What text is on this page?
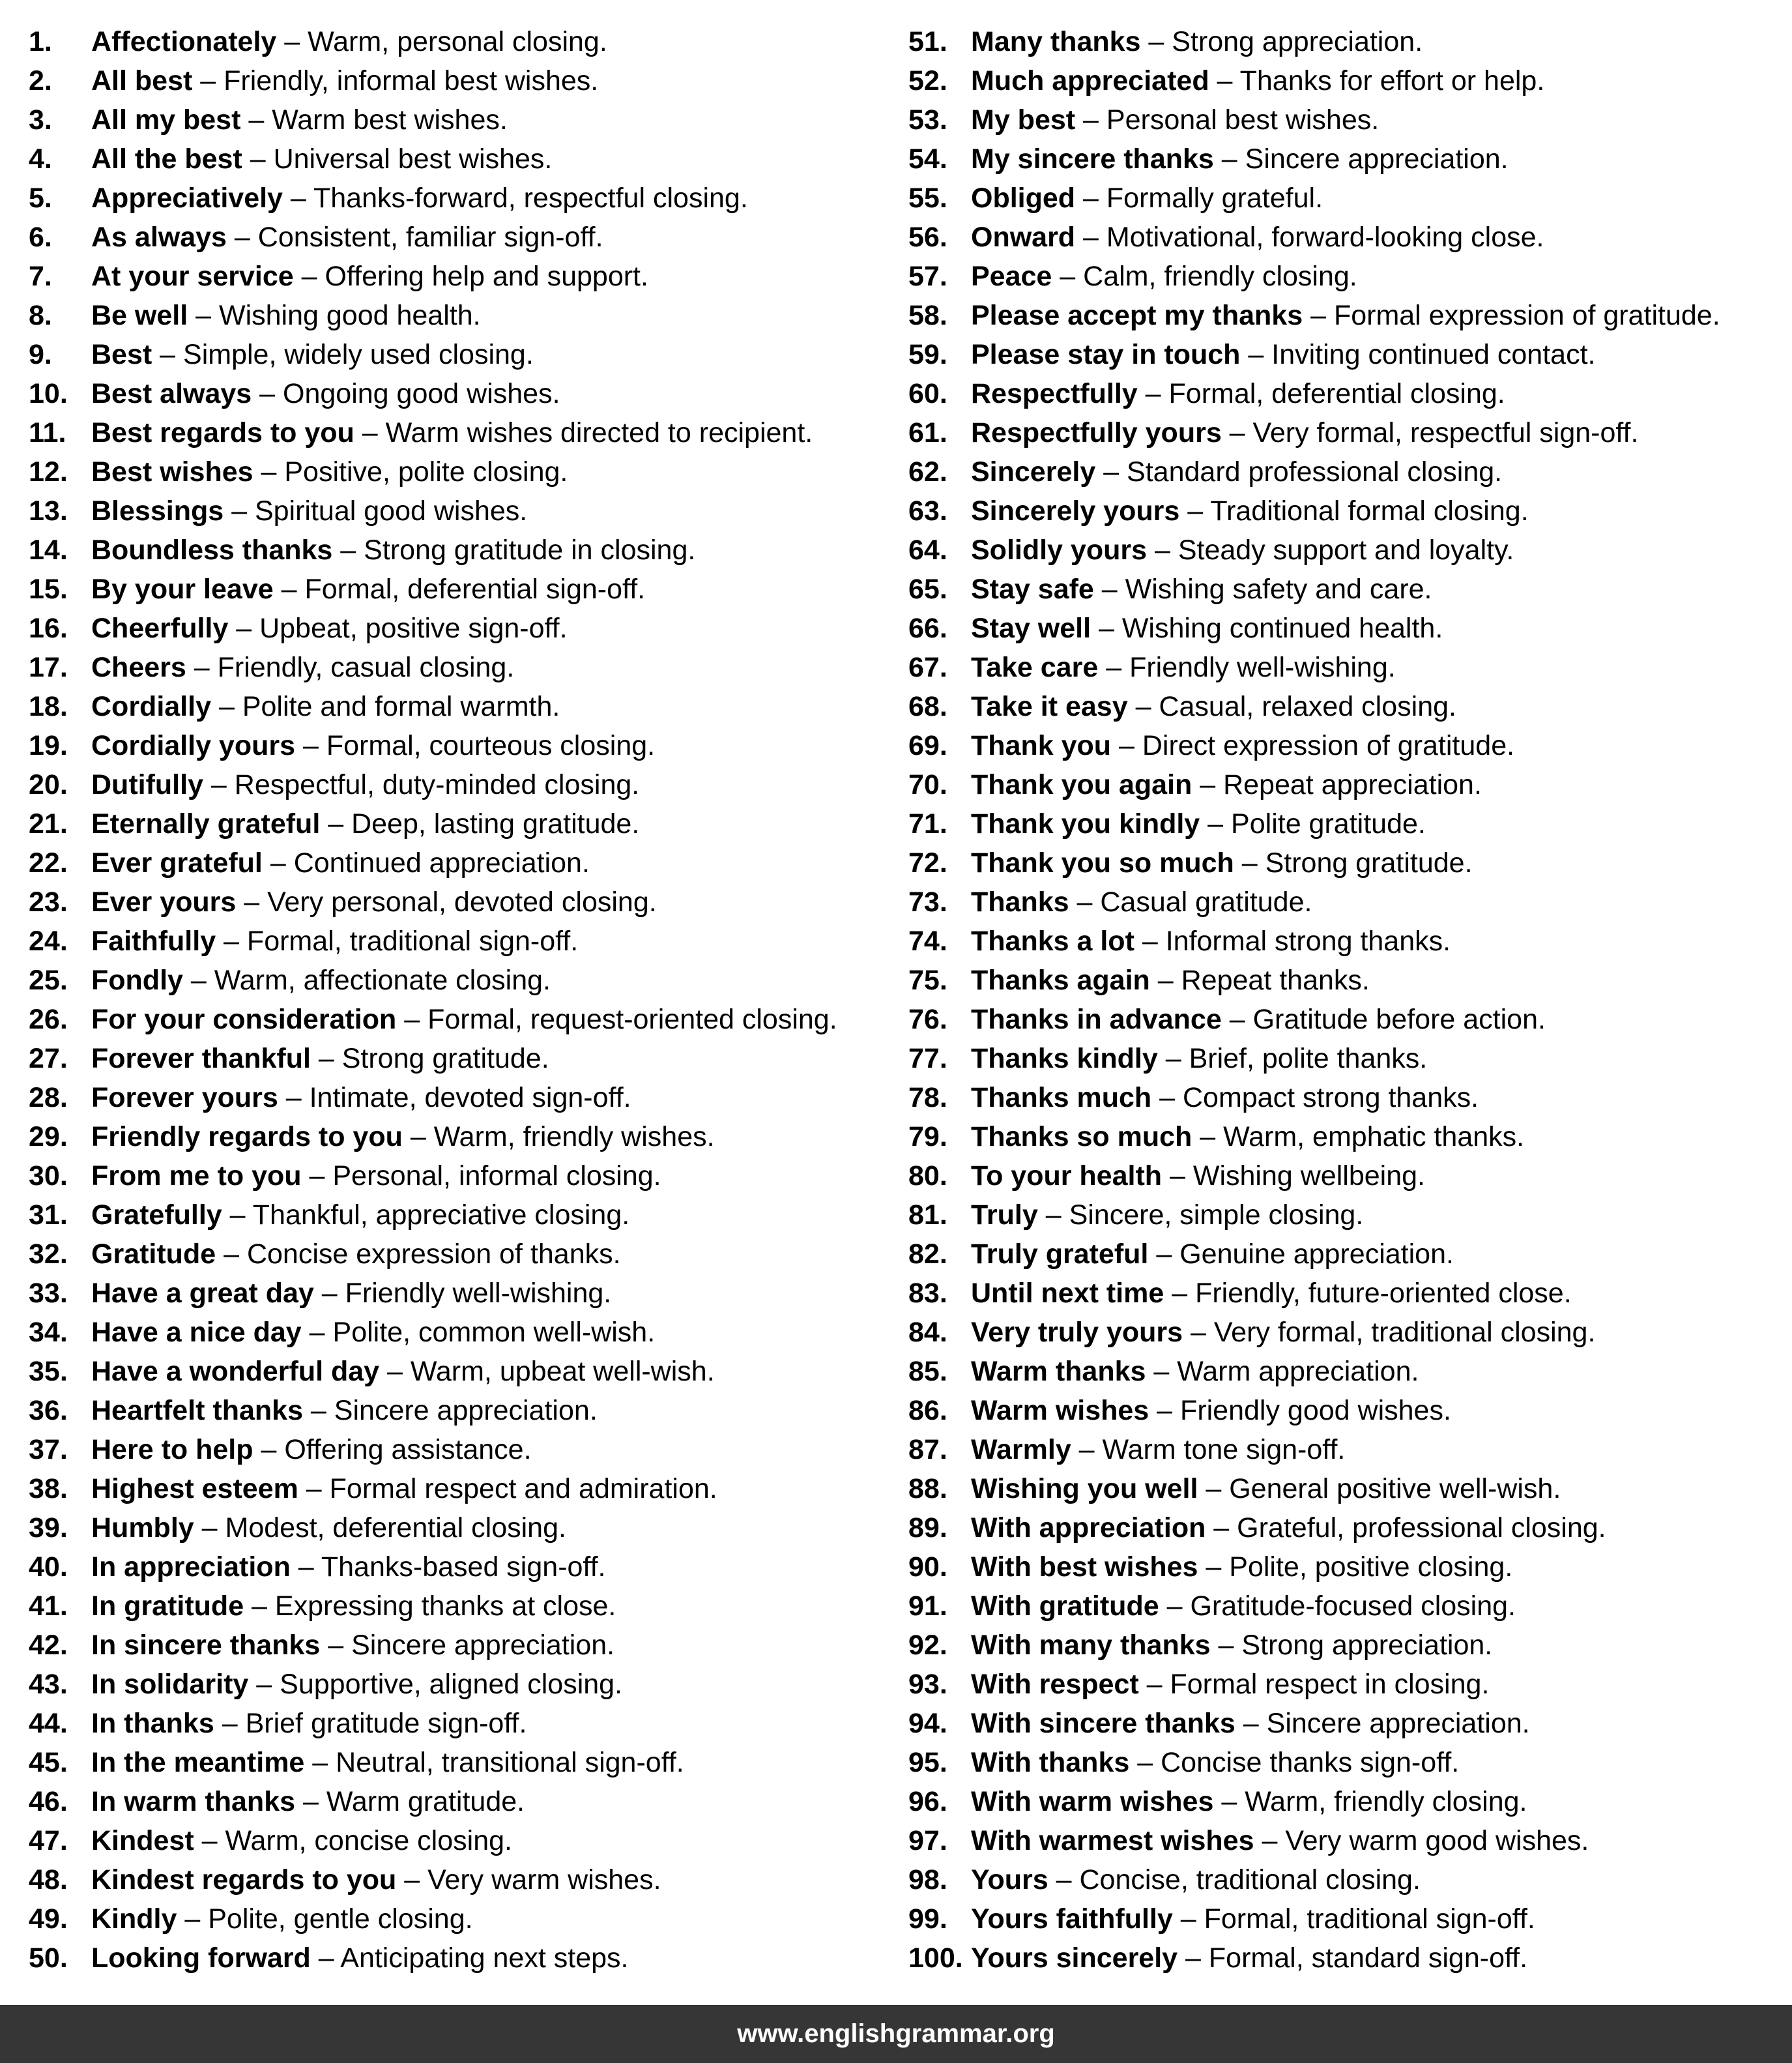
1.	Affectionately – Warm, personal closing.
2.	All best – Friendly, informal best wishes.
3.	All my best – Warm best wishes.
4.	All the best – Universal best wishes.
5.	Appreciatively – Thanks-forward, respectful closing.
6.	As always – Consistent, familiar sign-off.
7.	At your service – Offering help and support.
8.	Be well – Wishing good health.
9.	Best – Simple, widely used closing.
10. Best always – Ongoing good wishes.
11. Best regards to you – Warm wishes directed to recipient.
12. Best wishes – Positive, polite closing.
13. Blessings – Spiritual good wishes.
14. Boundless thanks – Strong gratitude in closing.
15. By your leave – Formal, deferential sign-off.
16. Cheerfully – Upbeat, positive sign-off.
17. Cheers – Friendly, casual closing.
18. Cordially – Polite and formal warmth.
19. Cordially yours – Formal, courteous closing.
20. Dutifully – Respectful, duty-minded closing.
21. Eternally grateful – Deep, lasting gratitude.
22. Ever grateful – Continued appreciation.
23. Ever yours – Very personal, devoted closing.
24. Faithfully – Formal, traditional sign-off.
25. Fondly – Warm, affectionate closing.
26. For your consideration – Formal, request-oriented closing.
27. Forever thankful – Strong gratitude.
28. Forever yours – Intimate, devoted sign-off.
29. Friendly regards to you – Warm, friendly wishes.
30. From me to you – Personal, informal closing.
31. Gratefully – Thankful, appreciative closing.
32. Gratitude – Concise expression of thanks.
33. Have a great day – Friendly well-wishing.
34. Have a nice day – Polite, common well-wish.
35. Have a wonderful day – Warm, upbeat well-wish.
36. Heartfelt thanks – Sincere appreciation.
37. Here to help – Offering assistance.
38. Highest esteem – Formal respect and admiration.
39. Humbly – Modest, deferential closing.
40. In appreciation – Thanks-based sign-off.
41. In gratitude – Expressing thanks at close.
42. In sincere thanks – Sincere appreciation.
43. In solidarity – Supportive, aligned closing.
44. In thanks – Brief gratitude sign-off.
45. In the meantime – Neutral, transitional sign-off.
46. In warm thanks – Warm gratitude.
47. Kindest – Warm, concise closing.
48. Kindest regards to you – Very warm wishes.
49. Kindly – Polite, gentle closing.
50. Looking forward – Anticipating next steps.
51. Many thanks – Strong appreciation.
52. Much appreciated – Thanks for effort or help.
53. My best – Personal best wishes.
54. My sincere thanks – Sincere appreciation.
55. Obliged – Formally grateful.
56. Onward – Motivational, forward-looking close.
57. Peace – Calm, friendly closing.
58. Please accept my thanks – Formal expression of gratitude.
59. Please stay in touch – Inviting continued contact.
60. Respectfully – Formal, deferential closing.
61. Respectfully yours – Very formal, respectful sign-off.
62. Sincerely – Standard professional closing.
63. Sincerely yours – Traditional formal closing.
64. Solidly yours – Steady support and loyalty.
65. Stay safe – Wishing safety and care.
66. Stay well – Wishing continued health.
67. Take care – Friendly well-wishing.
68. Take it easy – Casual, relaxed closing.
69. Thank you – Direct expression of gratitude.
70. Thank you again – Repeat appreciation.
71. Thank you kindly – Polite gratitude.
72. Thank you so much – Strong gratitude.
73. Thanks – Casual gratitude.
74. Thanks a lot – Informal strong thanks.
75. Thanks again – Repeat thanks.
76. Thanks in advance – Gratitude before action.
77. Thanks kindly – Brief, polite thanks.
78. Thanks much – Compact strong thanks.
79. Thanks so much – Warm, emphatic thanks.
80. To your health – Wishing wellbeing.
81. Truly – Sincere, simple closing.
82. Truly grateful – Genuine appreciation.
83. Until next time – Friendly, future-oriented close.
84. Very truly yours – Very formal, traditional closing.
85. Warm thanks – Warm appreciation.
86. Warm wishes – Friendly good wishes.
87. Warmly – Warm tone sign-off.
88. Wishing you well – General positive well-wish.
89. With appreciation – Grateful, professional closing.
90. With best wishes – Polite, positive closing.
91. With gratitude – Gratitude-focused closing.
92. With many thanks – Strong appreciation.
93. With respect – Formal respect in closing.
94. With sincere thanks – Sincere appreciation.
95. With thanks – Concise thanks sign-off.
96. With warm wishes – Warm, friendly closing.
97. With warmest wishes – Very warm good wishes.
98. Yours – Concise, traditional closing.
99. Yours faithfully – Formal, traditional sign-off.
100. Yours sincerely – Formal, standard sign-off.
www.englishgrammar.org
